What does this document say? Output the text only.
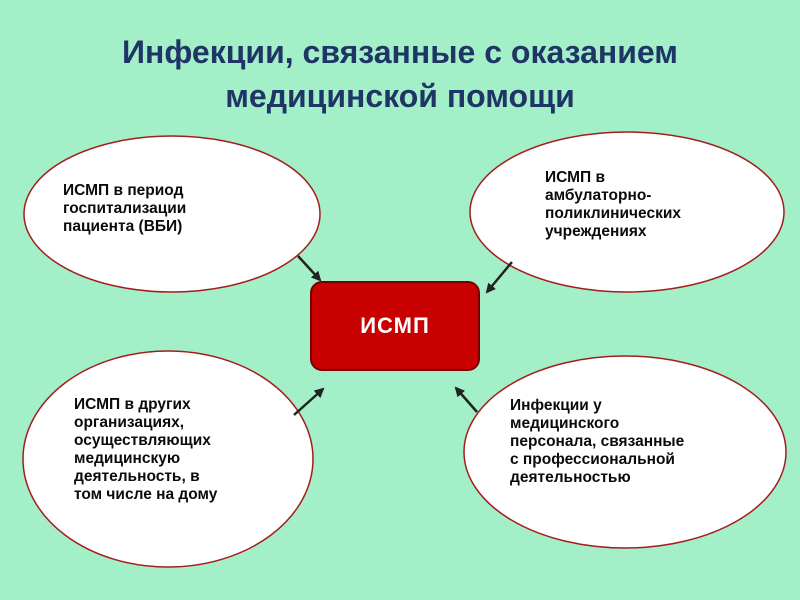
Инфекции, связанные с оказанием
медицинской помощи
ИСМП в период
госпитализации
пациента (ВБИ)
ИСМП в
амбулаторно-
поликлинических
учреждениях
ИСМП в других
организациях,
осуществляющих
медицинскую
деятельность, в
том числе на дому
Инфекции у
медицинского
персонала, связанные
с профессиональной
деятельностью
ИСМП
